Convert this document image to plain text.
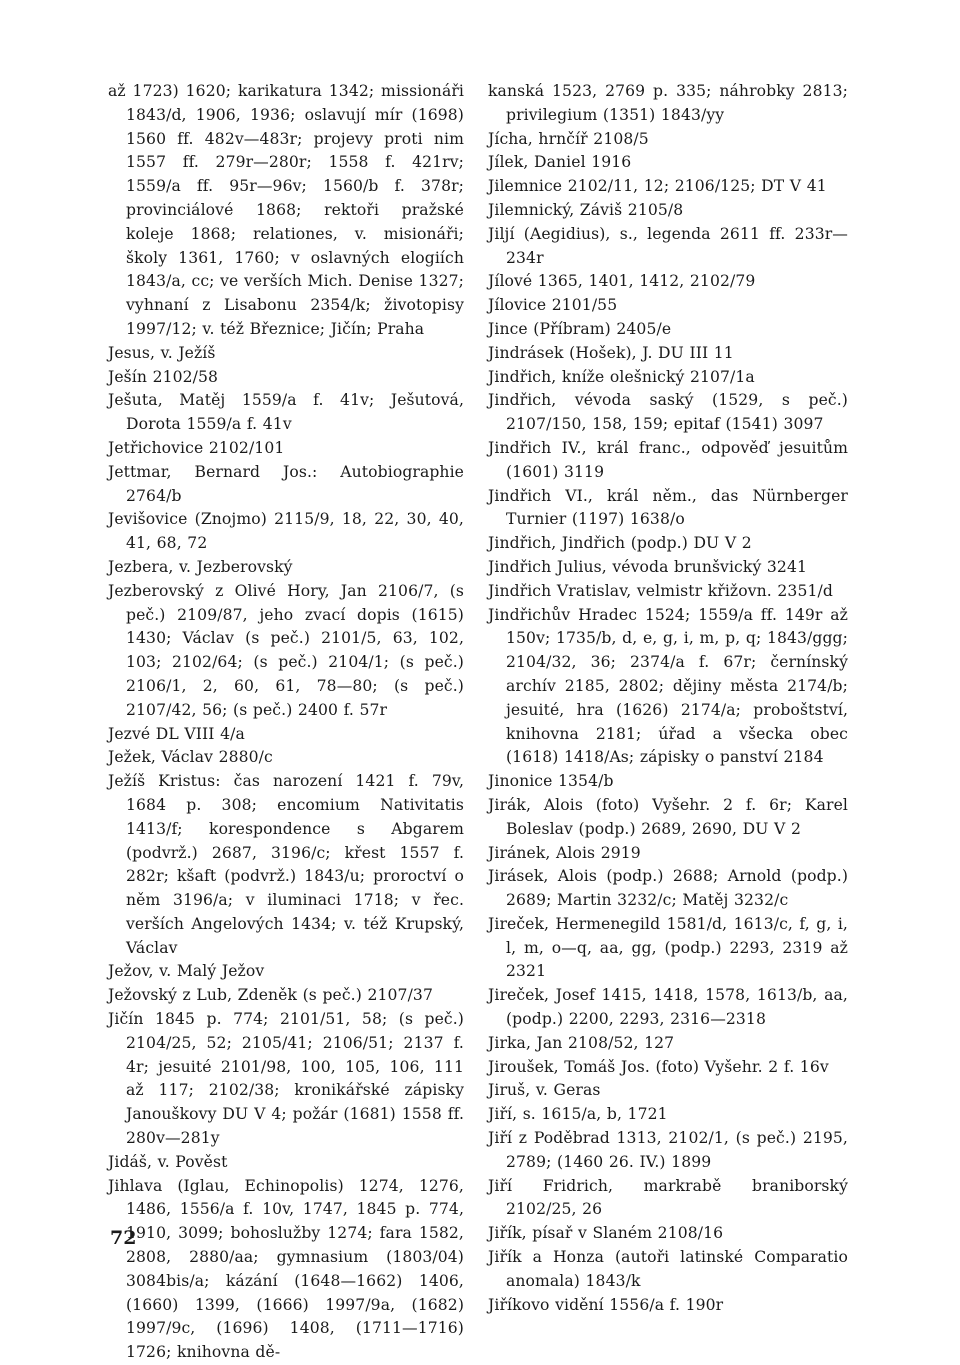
až 1723) 1620; karikatura 1342; missionáři 1843/d, 1906, 1936; oslavují mír (1698) 1560 ff. 482v—483r; projevy proti nim 1557 ff. 279r—280r; 1558 f. 421rv; 1559/a ff. 95r—96v; 1560/b f. 378r; provinciálové 1868; rektoři pražské koleje 1868; relationes, v. misionáři; školy 1361, 1760; v oslavných elogiích 1843/a, cc; ve verších Mich. Denise 1327; vyhnaní z Lisabonu 2354/k; životopisy 1997/12; v. též Březnice; Jičín; Praha

Jesus, v. Ježíš

Ješín 2102/58

Ješuta, Matěj 1559/a f. 41v; Ješutová, Dorota 1559/a f. 41v

Jetřichovice 2102/101

Jettmar, Bernard Jos.: Autobiographie 2764/b

Jevišovice (Znojmo) 2115/9, 18, 22, 30, 40, 41, 68, 72

Jezbera, v. Jezberovský

Jezberovský z Olivé Hory, Jan 2106/7, (s peč.) 2109/87, jeho zvací dopis (1615) 1430; Václav (s peč.) 2101/5, 63, 102, 103; 2102/64; (s peč.) 2104/1; (s peč.) 2106/1, 2, 60, 61, 78—80; (s peč.) 2107/42, 56; (s peč.) 2400 f. 57r

Jezvé DL VIII 4/a

Ježek, Václav 2880/c

Ježíš Kristus: čas narození 1421 f. 79v, 1684 p. 308; encomium Nativitatis 1413/f; korespondence s Abgarem (podvrž.) 2687, 3196/c; křest 1557 f. 282r; kšaft (podvrž.) 1843/u; proroctví o něm 3196/a; v iluminaci 1718; v řec. verších Angelových 1434; v. též Krupský, Václav

Ježov, v. Malý Ježov

Ježovský z Lub, Zdeněk (s peč.) 2107/37

Jičín 1845 p. 774; 2101/51, 58; (s peč.) 2104/25, 52; 2105/41; 2106/51; 2137 f. 4r; jesuité 2101/98, 100, 105, 106, 111 až 117; 2102/38; kronikářské zápisky Janouškovy DU V 4; požár (1681) 1558 ff. 280v—281y

Jidáš, v. Pověst

Jihlava (Iglau, Echinopolis) 1274, 1276, 1486, 1556/a f. 10v, 1747, 1845 p. 774, 1910, 3099; bohoslužby 1274; fara 1582, 2808, 2880/aa; gymnasium (1803/04) 3084bis/a; kázání (1648—1662) 1406, (1660) 1399, (1666) 1997/9a, (1682) 1997/9c, (1696) 1408, (1711—1716) 1726; knihovna dě-

kanská 1523, 2769 p. 335; náhrobky 2813; privilegium (1351) 1843/yy

Jícha, hrnčíř 2108/5

Jílek, Daniel 1916

Jilemnice 2102/11, 12; 2106/125; DT V 41

Jilemnický, Záviš 2105/8

Jiljí (Aegidius), s., legenda 2611 ff. 233r—234r

Jílové 1365, 1401, 1412, 2102/79

Jílovice 2101/55

Jince (Příbram) 2405/e

Jindrásek (Hošek), J. DU III 11

Jindřich, kníže olešnický 2107/1a

Jindřich, vévoda saský (1529, s peč.) 2107/150, 158, 159; epitaf (1541) 3097

Jindřich IV., král franc., odpověď jesuitům (1601) 3119

Jindřich VI., král něm., das Nürnberger Turnier (1197) 1638/o

Jindřich, Jindřich (podp.) DU V 2

Jindřich Julius, vévoda brunšvický 3241

Jindřich Vratislav, velmistr křižovn. 2351/d

Jindřichův Hradec 1524; 1559/a ff. 149r až 150v; 1735/b, d, e, g, i, m, p, q; 1843/ggg; 2104/32, 36; 2374/a f. 67r; černínský archív 2185, 2802; dějiny města 2174/b; jesuité, hra (1626) 2174/a; proboštství, knihovna 2181; úřad a všecka obec (1618) 1418/As; zápisky o panství 2184

Jinonice 1354/b

Jirák, Alois (foto) Vyšehr. 2 f. 6r; Karel Boleslav (podp.) 2689, 2690, DU V 2

Jiránek, Alois 2919

Jirásek, Alois (podp.) 2688; Arnold (podp.) 2689; Martin 3232/c; Matěj 3232/c

Jireček, Hermenegild 1581/d, 1613/c, f, g, i, l, m, o—q, aa, gg, (podp.) 2293, 2319 až 2321

Jireček, Josef 1415, 1418, 1578, 1613/b, aa, (podp.) 2200, 2293, 2316—2318

Jirka, Jan 2108/52, 127

Jiroušek, Tomáš Jos. (foto) Vyšehr. 2 f. 16v

Jiruš, v. Geras

Jiří, s. 1615/a, b, 1721

Jiří z Poděbrad 1313, 2102/1, (s peč.) 2195, 2789; (1460 26. IV.) 1899

Jiří Fridrich, markrabě braniborský 2102/25, 26

Jiřík, písař v Slaném 2108/16

Jiřík a Honza (autoři latinské Comparatio anomala) 1843/k

Jiříkovo vidění 1556/a f. 190r

72
